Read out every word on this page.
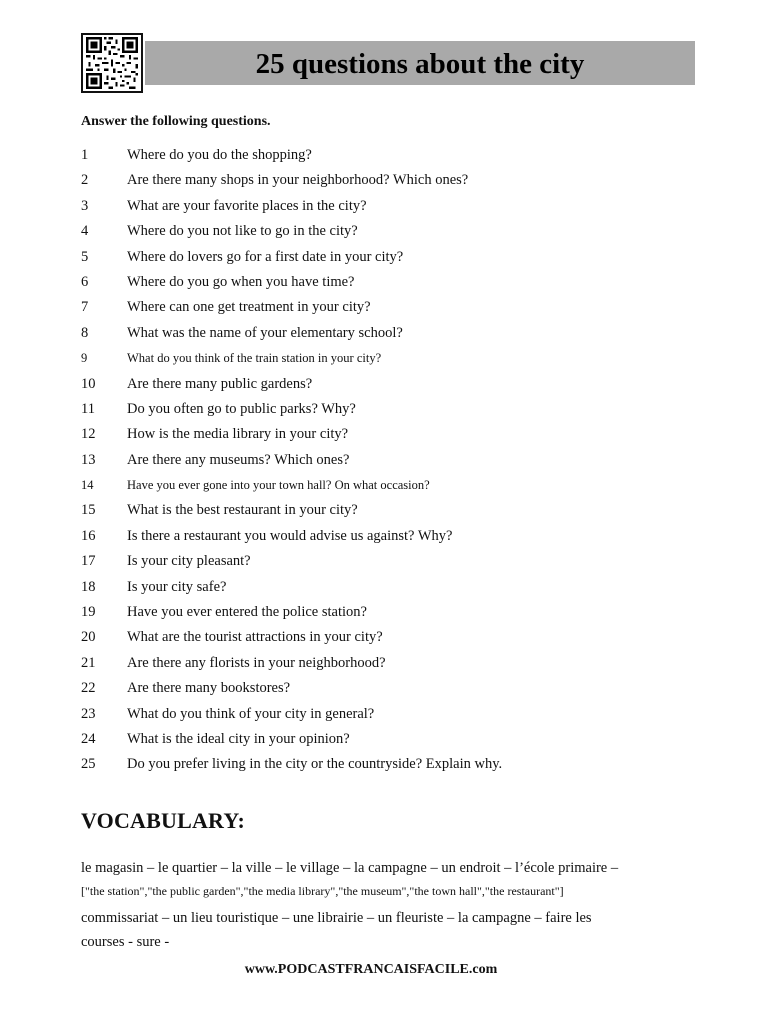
25 questions about the city
Answer the following questions.
1	Where do you do the shopping?
2	Are there many shops in your neighborhood? Which ones?
3	What are your favorite places in the city?
4	Where do you not like to go in the city?
5	Where do lovers go for a first date in your city?
6	Where do you go when you have time?
7	Where can one get treatment in your city?
8	What was the name of your elementary school?
9	What do you think of the train station in your city?
10	Are there many public gardens?
11	Do you often go to public parks? Why?
12	How is the media library in your city?
13	Are there any museums? Which ones?
14	Have you ever gone into your town hall? On what occasion?
15	What is the best restaurant in your city?
16	Is there a restaurant you would advise us against? Why?
17	Is your city pleasant?
18	Is your city safe?
19	Have you ever entered the police station?
20	What are the tourist attractions in your city?
21	Are there any florists in your neighborhood?
22	Are there many bookstores?
23	What do you think of your city in general?
24	What is the ideal city in your opinion?
25	Do you prefer living in the city or the countryside? Explain why.
VOCABULARY:
le magasin – le quartier – la ville – le village – la campagne – un endroit – l’école primaire –
["the station","the public garden","the media library","the museum","the town hall","the restaurant"]
commissariat – un lieu touristique – une librairie – un fleuriste – la campagne – faire les
courses - sure -
www.PODCASTFRANCAISFACILE.com
